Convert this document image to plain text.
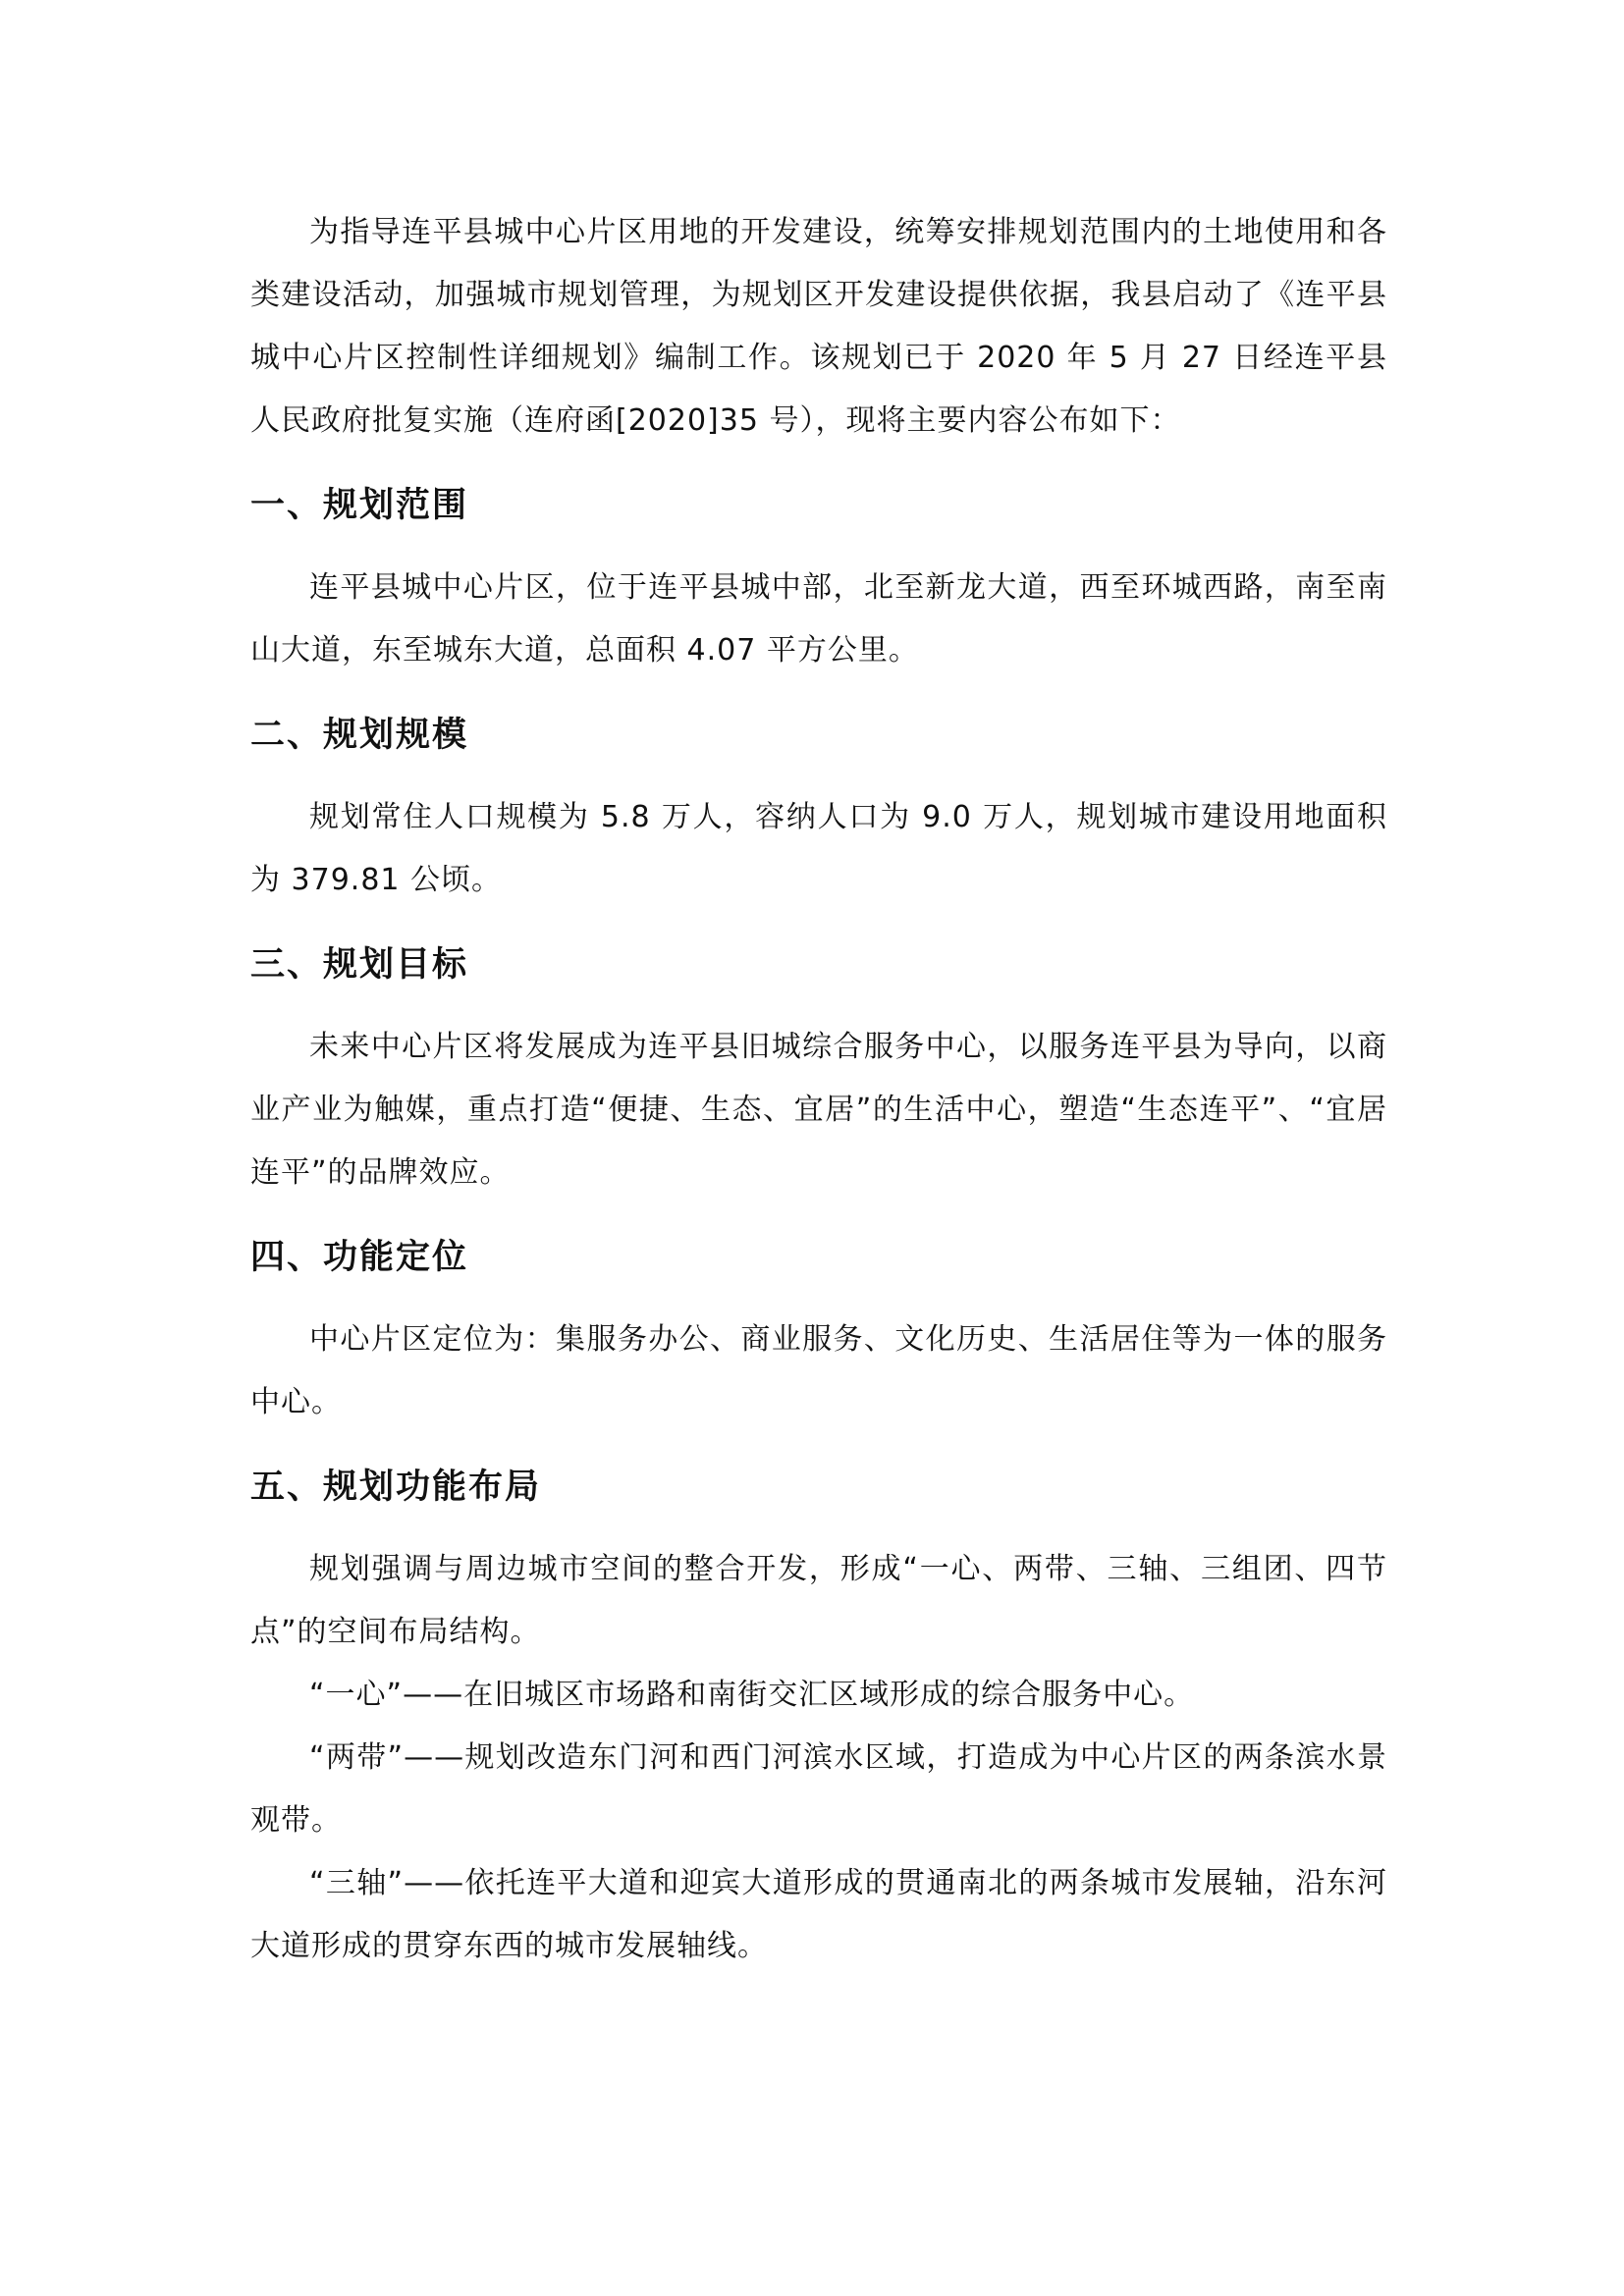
为指导连平县城中心片区用地的开发建设，统筹安排规划范围内的土地使用和各类建设活动，加强城市规划管理，为规划区开发建设提供依据，我县启动了《连平县城中心片区控制性详细规划》编制工作。该规划已于 2020 年 5 月 27 日经连平县人民政府批复实施（连府函[2020]35 号），现将主要内容公布如下：

一、规划范围

连平县城中心片区，位于连平县城中部，北至新龙大道，西至环城西路，南至南山大道，东至城东大道，总面积 4.07 平方公里。

二、规划规模

规划常住人口规模为 5.8 万人，容纳人口为 9.0 万人，规划城市建设用地面积为 379.81 公顷。

三、规划目标

未来中心片区将发展成为连平县旧城综合服务中心，以服务连平县为导向，以商业产业为触媒，重点打造“便捷、生态、宜居”的生活中心，塑造“生态连平”、“宜居连平”的品牌效应。

四、功能定位

中心片区定位为：集服务办公、商业服务、文化历史、生活居住等为一体的服务中心。

五、规划功能布局

规划强调与周边城市空间的整合开发，形成“一心、两带、三轴、三组团、四节点”的空间布局结构。

“一心”——在旧城区市场路和南街交汇区域形成的综合服务中心。

“两带”——规划改造东门河和西门河滨水区域，打造成为中心片区的两条滨水景观带。

“三轴”——依托连平大道和迎宾大道形成的贯通南北的两条城市发展轴，沿东河大道形成的贯穿东西的城市发展轴线。
